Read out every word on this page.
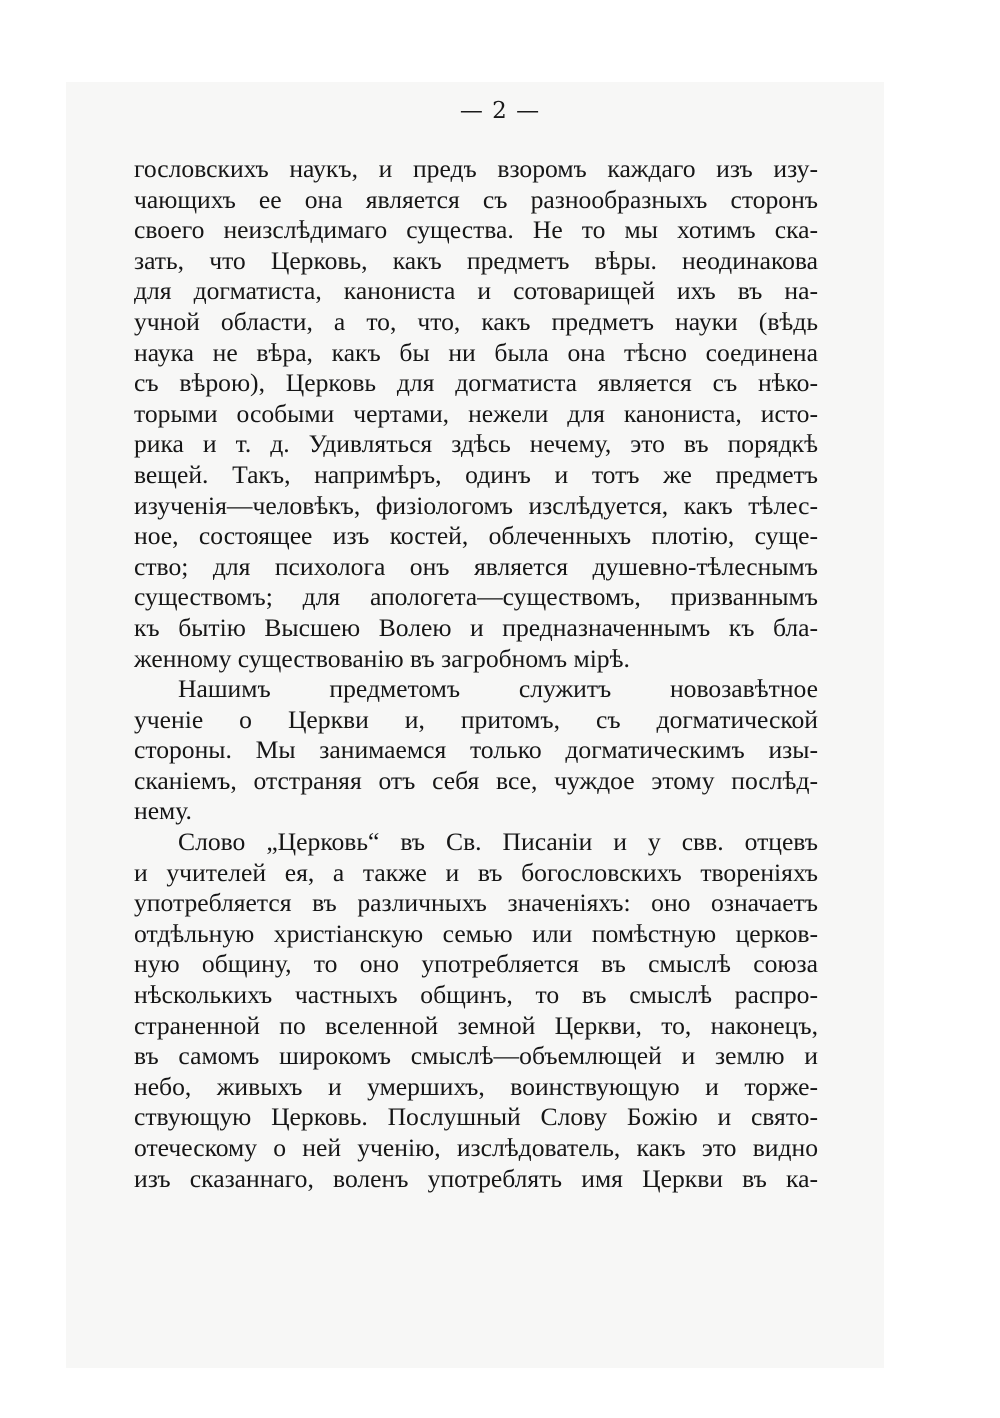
— 2 —
гословскихъ наукъ, и предъ взоромъ каждаго изъ изу-
чающихъ ее она является съ разнообразныхъ сторонъ
своего неизслѣдимаго существа. Не то мы хотимъ ска-
зать, что Церковь, какъ предметъ вѣры. неодинакова
для догматиста, канониста и сотоварищей ихъ въ на-
учной области, а то, что, какъ предметъ науки (вѣдь
наука не вѣра, какъ бы ни была она тѣсно соединена
съ вѣрою), Церковь для догматиста является съ нѣко-
торыми особыми чертами, нежели для канониста, исто-
рика и т. д. Удивляться здѣсь нечему, это въ порядкѣ
вещей. Такъ, напримѣръ, одинъ и тотъ же предметъ
изученія—человѣкъ, физіологомъ изслѣдуется, какъ тѣлес-
ное, состоящее изъ костей, облеченныхъ плотію, суще-
ство; для психолога онъ является душевно-тѣлеснымъ
существомъ; для апологета—существомъ, призваннымъ
къ бытію Высшею Волею и предназначеннымъ къ бла-
женному существованію въ загробномъ мірѣ.
Нашимъ предметомъ служитъ новозавѣтное
ученіе о Церкви и, притомъ, съ догматической
стороны. Мы занимаемся только догматическимъ изы-
сканіемъ, отстраняя отъ себя все, чуждое этому послѣд-
нему.
Слово „Церковь“ въ Св. Писаніи и у свв. отцевъ
и учителей ея, а также и въ богословскихъ твореніяхъ
употребляется въ различныхъ значеніяхъ: оно означаетъ
отдѣльную христіанскую семью или помѣстную церков-
ную общину, то оно употребляется въ смыслѣ союза
нѣсколькихъ частныхъ общинъ, то въ смыслѣ распро-
страненной по вселенной земной Церкви, то, наконецъ,
въ самомъ широкомъ смыслѣ—объемлющей и землю и
небо, живыхъ и умершихъ, воинствующую и торже-
ствующую Церковь. Послушный Слову Божію и свято-
отеческому о ней ученію, изслѣдователь, какъ это видно
изъ сказаннаго, воленъ употреблять имя Церкви въ ка-
